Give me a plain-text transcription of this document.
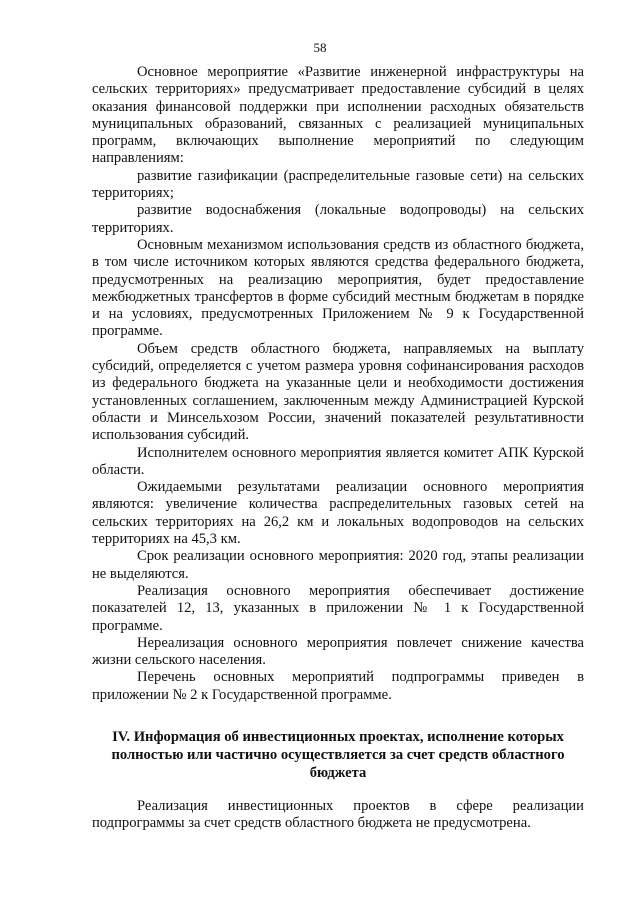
58

Основное мероприятие «Развитие инженерной инфраструктуры на сельских территориях» предусматривает предоставление субсидий в целях оказания финансовой поддержки при исполнении расходных обязательств муниципальных образований, связанных с реализацией муниципальных программ, включающих выполнение мероприятий по следующим направлениям:

развитие газификации (распределительные газовые сети) на сельских территориях;

развитие водоснабжения (локальные водопроводы) на сельских территориях.

Основным механизмом использования средств из областного бюджета, в том числе источником которых являются средства федерального бюджета, предусмотренных на реализацию мероприятия, будет предоставление межбюджетных трансфертов в форме субсидий местным бюджетам в порядке и на условиях, предусмотренных Приложением № 9 к Государственной программе.

Объем средств областного бюджета, направляемых на выплату субсидий, определяется с учетом размера уровня софинансирования расходов из федерального бюджета на указанные цели и необходимости достижения установленных соглашением, заключенным между Администрацией Курской области и Минсельхозом России, значений показателей результативности использования субсидий.

Исполнителем основного мероприятия является комитет АПК Курской области.

Ожидаемыми результатами реализации основного мероприятия являются: увеличение количества распределительных газовых сетей на сельских территориях на 26,2 км и локальных водопроводов на сельских территориях на 45,3 км.

Срок реализации основного мероприятия: 2020 год, этапы реализации не выделяются.

Реализация основного мероприятия обеспечивает достижение показателей 12, 13, указанных в приложении № 1 к Государственной программе.

Нереализация основного мероприятия повлечет снижение качества жизни сельского населения.

Перечень основных мероприятий подпрограммы приведен в приложении № 2 к Государственной программе.

IV. Информация об инвестиционных проектах, исполнение которых полностью или частично осуществляется за счет средств областного бюджета

Реализация инвестиционных проектов в сфере реализации подпрограммы за счет средств областного бюджета не предусмотрена.
